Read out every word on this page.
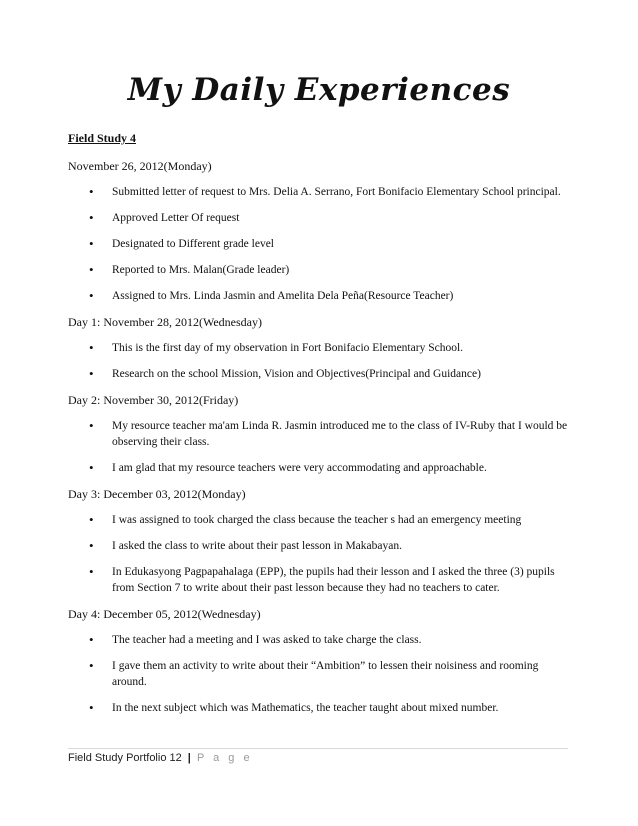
My Daily Experiences
Field Study 4

November 26, 2012(Monday)

• Submitted letter of request to Mrs. Delia A. Serrano, Fort Bonifacio Elementary School principal.
• Approved Letter Of request
• Designated to Different grade level
• Reported to Mrs. Malan(Grade leader)
• Assigned to Mrs. Linda Jasmin and Amelita Dela Peña(Resource Teacher)

Day 1: November 28, 2012(Wednesday)

• This is the first day of my observation in Fort Bonifacio Elementary School.
• Research on the school Mission, Vision and Objectives(Principal and Guidance)

Day 2: November 30, 2012(Friday)

• My resource teacher ma'am Linda R. Jasmin introduced me to the class of IV-Ruby that I would be observing their class.
• I am glad that my resource teachers were very accommodating and approachable.

Day 3: December 03, 2012(Monday)

• I was assigned to took charged the class because the teacher s had an emergency meeting
• I asked the class to write about their past lesson in Makabayan.
• In Edukasyong Pagpapahalaga (EPP), the pupils had their lesson and I asked the three (3) pupils from Section 7 to write about their past lesson because they had no teachers to cater.

Day 4: December 05, 2012(Wednesday)

• The teacher had a meeting and I was asked to take charge the class.
• I gave them an activity to write about their “Ambition” to lessen their noisiness and rooming around.
• In the next subject which was Mathematics, the teacher taught about mixed number.
Field Study Portfolio 12 | P a g e
